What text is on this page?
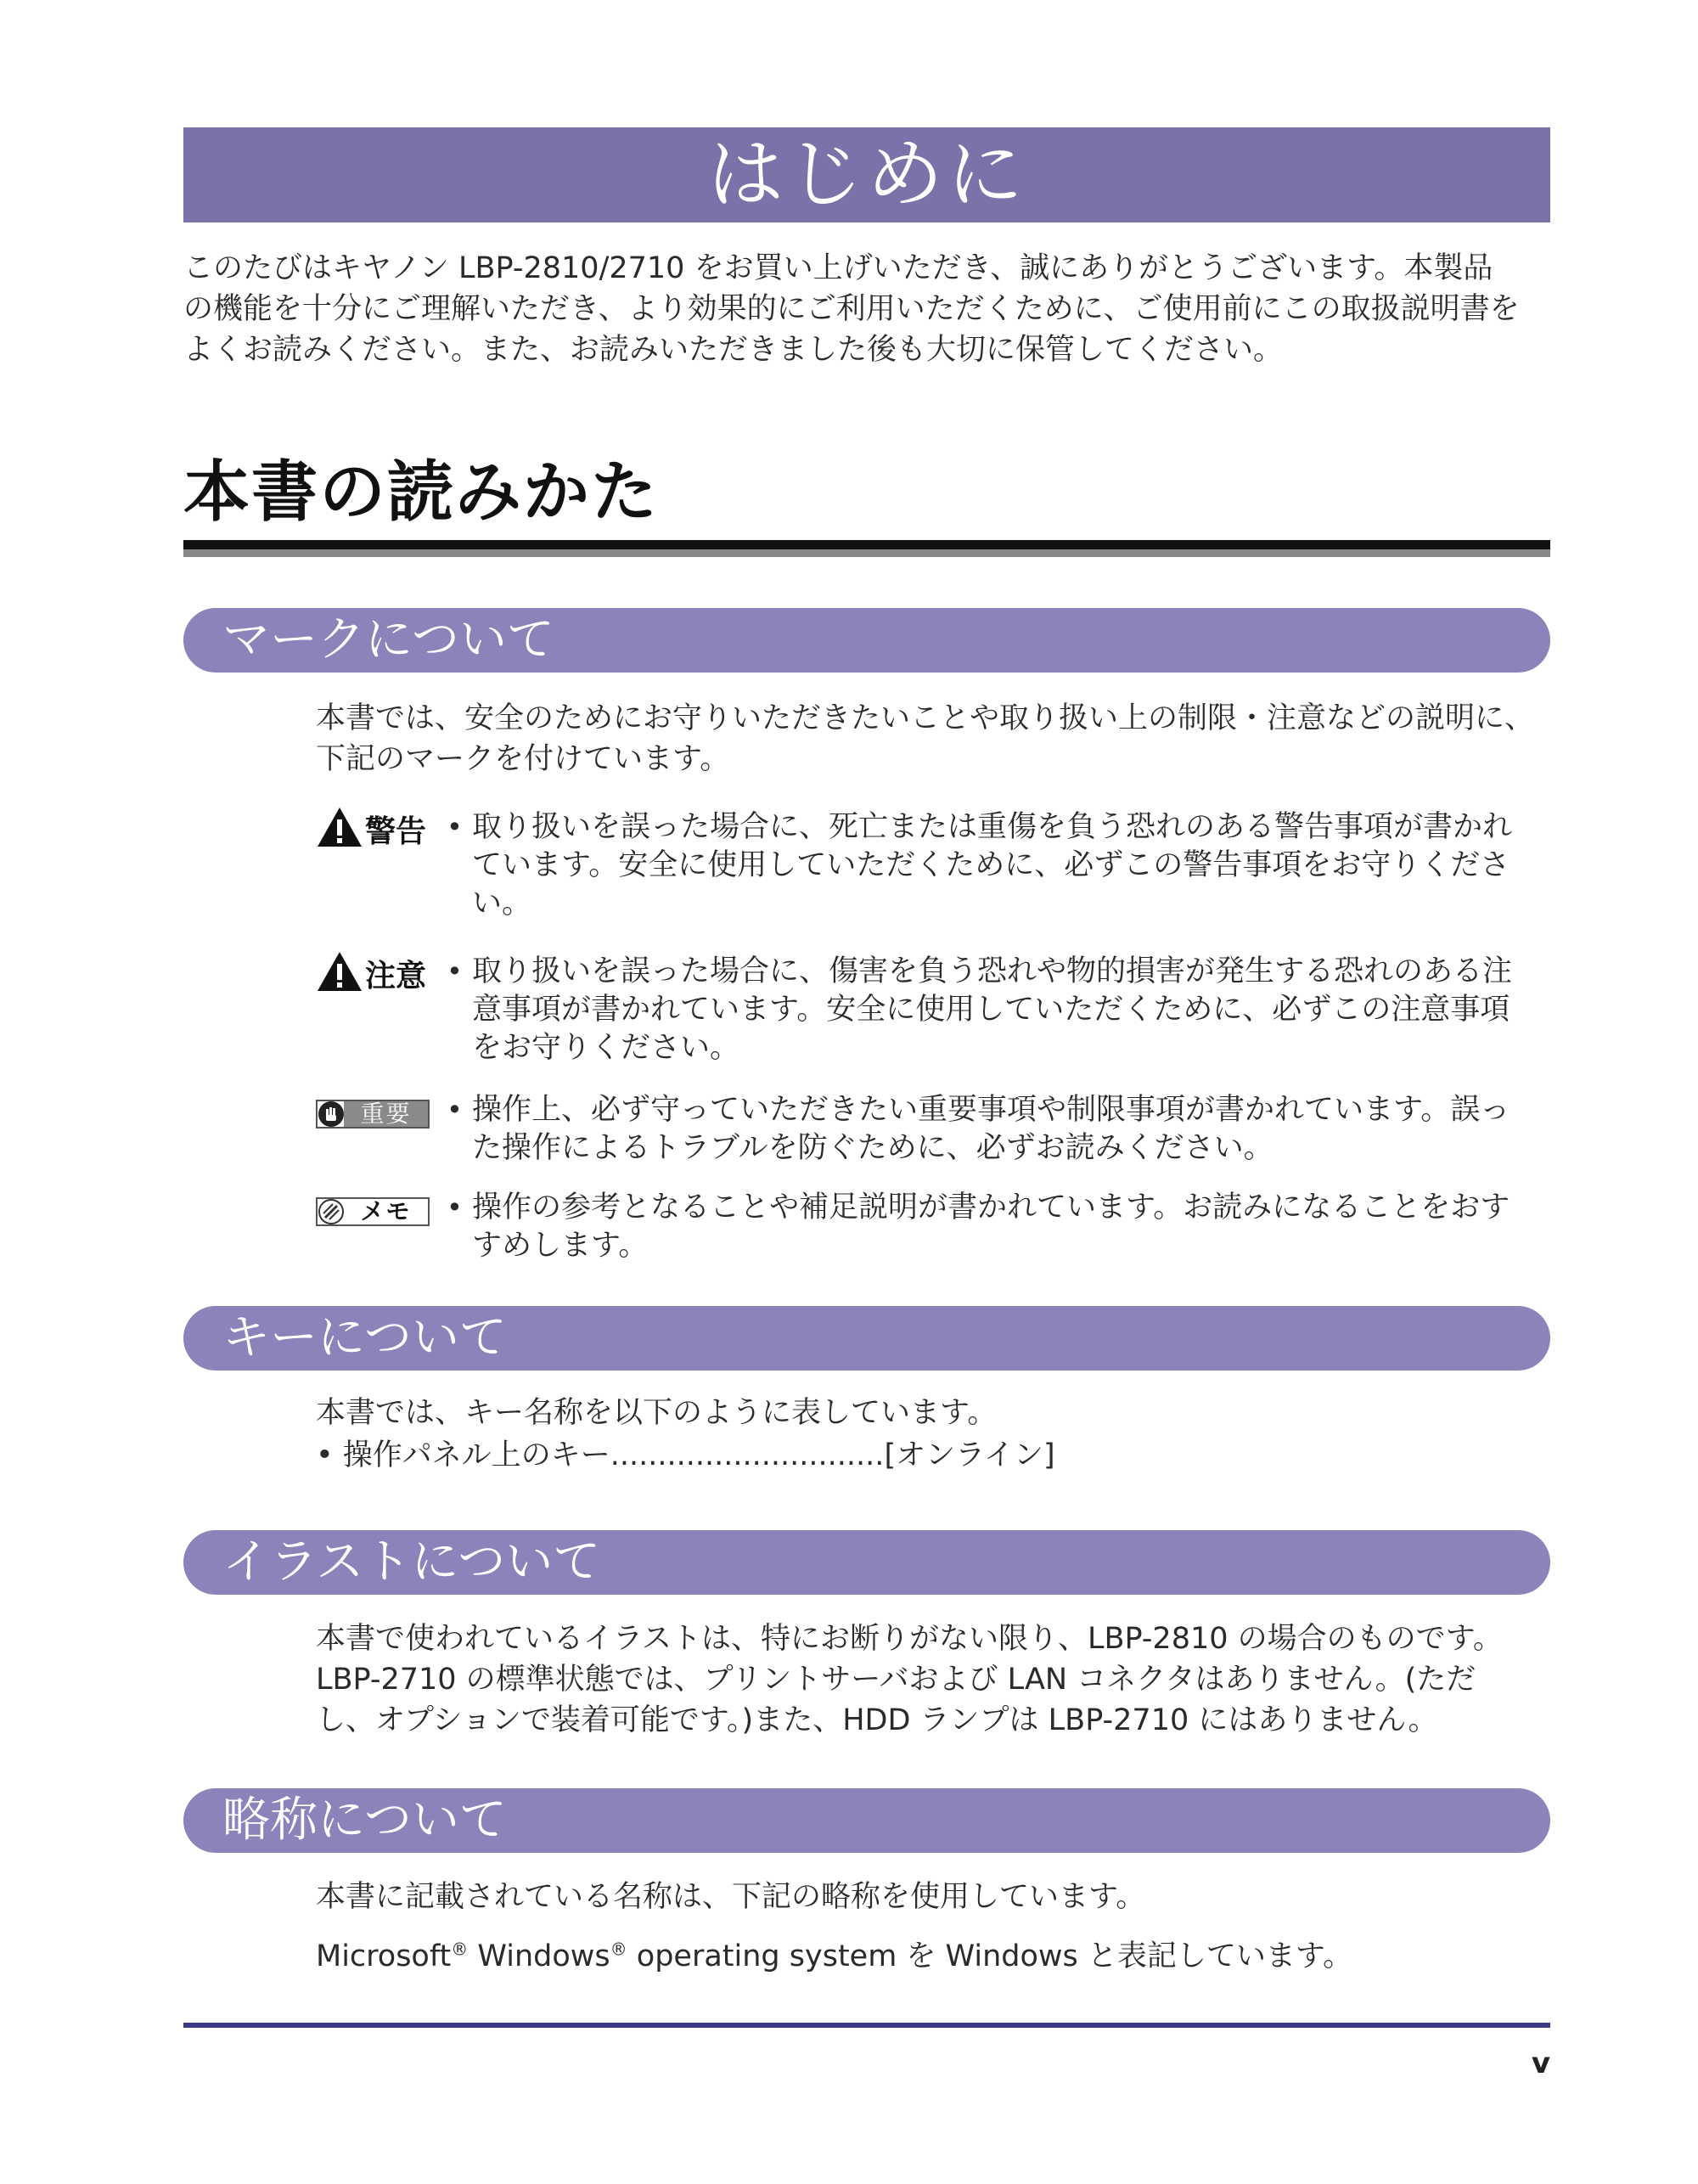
はじめに
このたびはキヤノン LBP-2810/2710 をお買い上げいただき、誠にありがとうございます。本製品
の機能を十分にご理解いただき、より効果的にご利用いただくために、ご使用前にこの取扱説明書を
よくお読みください。また、お読みいただきました後も大切に保管してください。
本書の読みかた
マークについて
本書では、安全のためにお守りいただきたいことや取り扱い上の制限・注意などの説明に、
下記のマークを付けています。
警告 • 取り扱いを誤った場合に、死亡または重傷を負う恐れのある警告事項が書かれ
ています。安全に使用していただくために、必ずこの警告事項をお守りくださ
い。
注意 • 取り扱いを誤った場合に、傷害を負う恐れや物的損害が発生する恐れのある注
意事項が書かれています。安全に使用していただくために、必ずこの注意事項
をお守りください。
重要	• 操作上、必ず守っていただきたい重要事項や制限事項が書かれています。誤っ
た操作によるトラブルを防ぐために、必ずお読みください。
メモ	• 操作の参考となることや補足説明が書かれています。お読みになることをおす
すめします。
キーについて
本書では、キー名称を以下のように表しています。
• 操作パネル上のキー.............................[オンライン]
イラストについて
本書で使われているイラストは、特にお断りがない限り、LBP-2810 の場合のものです。
LBP-2710 の標準状態では、プリントサーバおよび LAN コネクタはありません。(ただ
し、オプションで装着可能です。)また、HDD ランプは LBP-2710 にはありません。
略称について
本書に記載されている名称は、下記の略称を使用しています。
Microsoft® Windows® operating system を Windows と表記しています。
v
